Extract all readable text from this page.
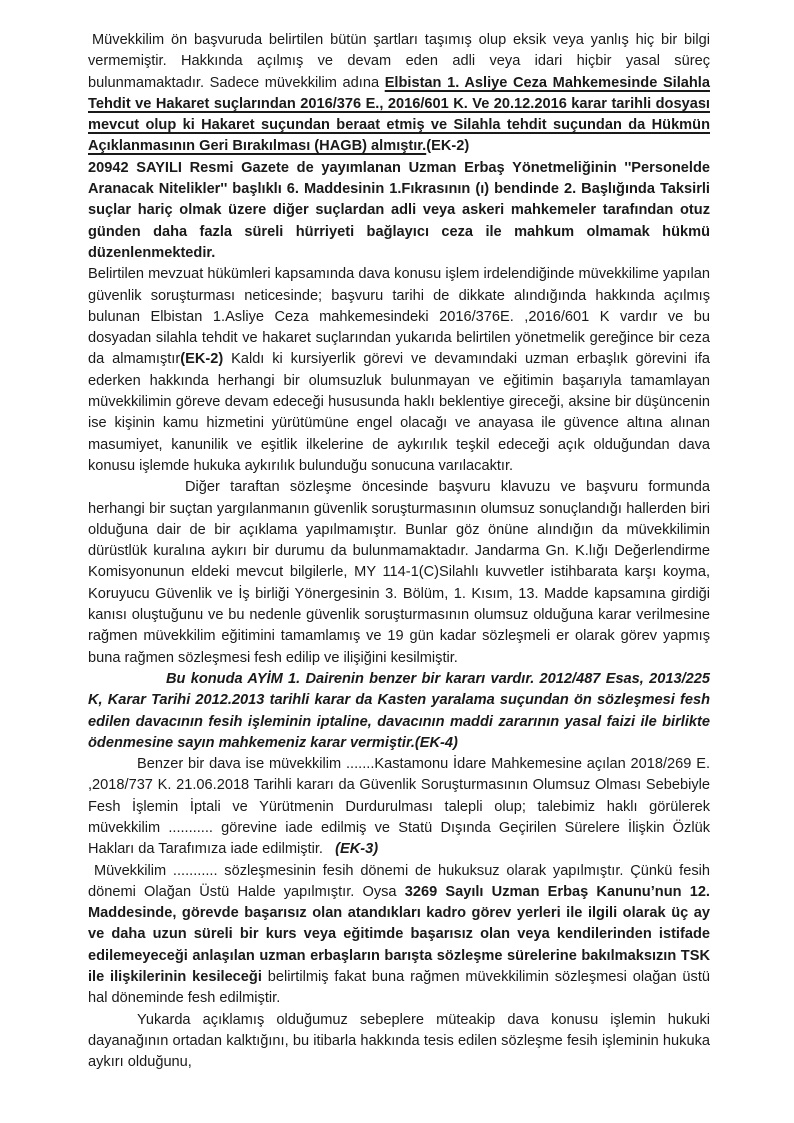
Müvekkilim ön başvuruda belirtilen bütün şartları taşımış olup eksik veya yanlış hiç bir bilgi vermemiştir. Hakkında açılmış ve devam eden adli veya idari hiçbir yasal süreç bulunmamaktadır. Sadece müvekkilim adına Elbistan 1. Asliye Ceza Mahkemesinde Silahla Tehdit ve Hakaret suçlarından 2016/376 E., 2016/601 K. Ve 20.12.2016 karar tarihli dosyası mevcut olup ki Hakaret suçundan beraat etmiş ve Silahla tehdit suçundan da Hükmün Açıklanmasının Geri Bırakılması (HAGB) almıştır.(EK-2)

20942 SAYILI Resmi Gazete de yayımlanan Uzman Erbaş Yönetmeliğinin ''Personelde Aranacak Nitelikler'' başlıklı 6. Maddesinin 1.Fıkrasının (ı) bendinde 2. Başlığında Taksirli suçlar hariç olmak üzere diğer suçlardan adli veya askeri mahkemeler tarafından otuz günden daha fazla süreli hürriyeti bağlayıcı ceza ile mahkum olmamak hükmü düzenlenmektedir.

Belirtilen mevzuat hükümleri kapsamında dava konusu işlem irdelendiğinde müvekkilime yapılan güvenlik soruşturması neticesinde; başvuru tarihi de dikkate alındığında hakkında açılmış bulunan Elbistan 1.Asliye Ceza mahkemesindeki 2016/376E. ,2016/601 K vardır ve bu dosyadan silahla tehdit ve hakaret suçlarından yukarıda belirtilen yönetmelik gereğince bir ceza da almamıştır(EK-2) Kaldı ki kursiyerlik görevi ve devamındaki uzman erbaşlık görevini ifa ederken hakkında herhangi bir olumsuzluk bulunmayan ve eğitimin başarıyla tamamlayan müvekkilimin göreve devam edeceği hususunda haklı beklentiye gireceği, aksine bir düşüncenin ise kişinin kamu hizmetini yürütümüne engel olacağı ve anayasa ile güvence altına alınan masumiyet, kanunilik ve eşitlik ilkelerine de aykırılık teşkil edeceği açık olduğundan dava konusu işlemde hukuka aykırılık bulunduğu sonucuna varılacaktır.

Diğer taraftan sözleşme öncesinde başvuru klavuzu ve başvuru formunda herhangi bir suçtan yargılanmanın güvenlik soruşturmasının olumsuz sonuçlandığı hallerden biri olduğuna dair de bir açıklama yapılmamıştır. Bunlar göz önüne alındığın da müvekkilimin dürüstlük kuralına aykırı bir durumu da bulunmamaktadır. Jandarma Gn. K.lığı Değerlendirme Komisyonunun eldeki mevcut bilgilerle, MY 114-1(C)Silahlı kuvvetler istihbarata karşı koyma, Koruyucu Güvenlik ve İş birliği Yönergesinin 3. Bölüm, 1. Kısım, 13. Madde kapsamına girdiği kanısı oluştuğunu ve bu nedenle güvenlik soruşturmasının olumsuz olduğuna karar verilmesine rağmen müvekkilim eğitimini tamamlamış ve 19 gün kadar sözleşmeli er olarak görev yapmış buna rağmen sözleşmesi fesh edilip ve ilişiğini kesilmiştir.

Bu konuda AYİM 1. Dairenin benzer bir kararı vardır. 2012/487 Esas, 2013/225 K, Karar Tarihi 2012.2013 tarihli karar da Kasten yaralama suçundan ön sözleşmesi fesh edilen davacının fesih işleminin iptaline, davacının maddi zararının yasal faizi ile birlikte ödenmesine sayın mahkemeniz karar vermiştir.(EK-4)

Benzer bir dava ise müvekkilim .......Kastamonu İdare Mahkemesine açılan 2018/269 E. ,2018/737 K. 21.06.2018 Tarihli kararı da Güvenlik Soruşturmasının Olumsuz Olması Sebebiyle Fesh İşlemin İptali ve Yürütmenin Durdurulması talepli olup; talebimiz haklı görülerek müvekkilim ........... görevine iade edilmiş ve Statü Dışında Geçirilen Sürelere İlişkin Özlük Hakları da Tarafımıza iade edilmiştir.   (EK-3)

Müvekkilim ........... sözleşmesinin fesih dönemi de hukuksuz olarak yapılmıştır. Çünkü fesih dönemi Olağan Üstü Halde yapılmıştır. Oysa 3269 Sayılı Uzman Erbaş Kanunu’nun 12. Maddesinde, görevde başarısız olan atandıkları kadro görev yerleri ile ilgili olarak üç ay ve daha uzun süreli bir kurs veya eğitimde başarısız olan veya kendilerinden istifade edilemeyeceği anlaşılan uzman erbaşların barışta sözleşme sürelerine bakılmaksızın TSK ile ilişkilerinin kesileceği belirtilmiş fakat buna rağmen müvekkilimin sözleşmesi olağan üstü hal döneminde fesh edilmiştir.

Yukarda açıklamış olduğumuz sebeplere müteakip dava konusu işlemin hukuki dayanağının ortadan kalktığını, bu itibarla hakkında tesis edilen sözleşme fesih işleminin hukuka aykırı olduğunu,
